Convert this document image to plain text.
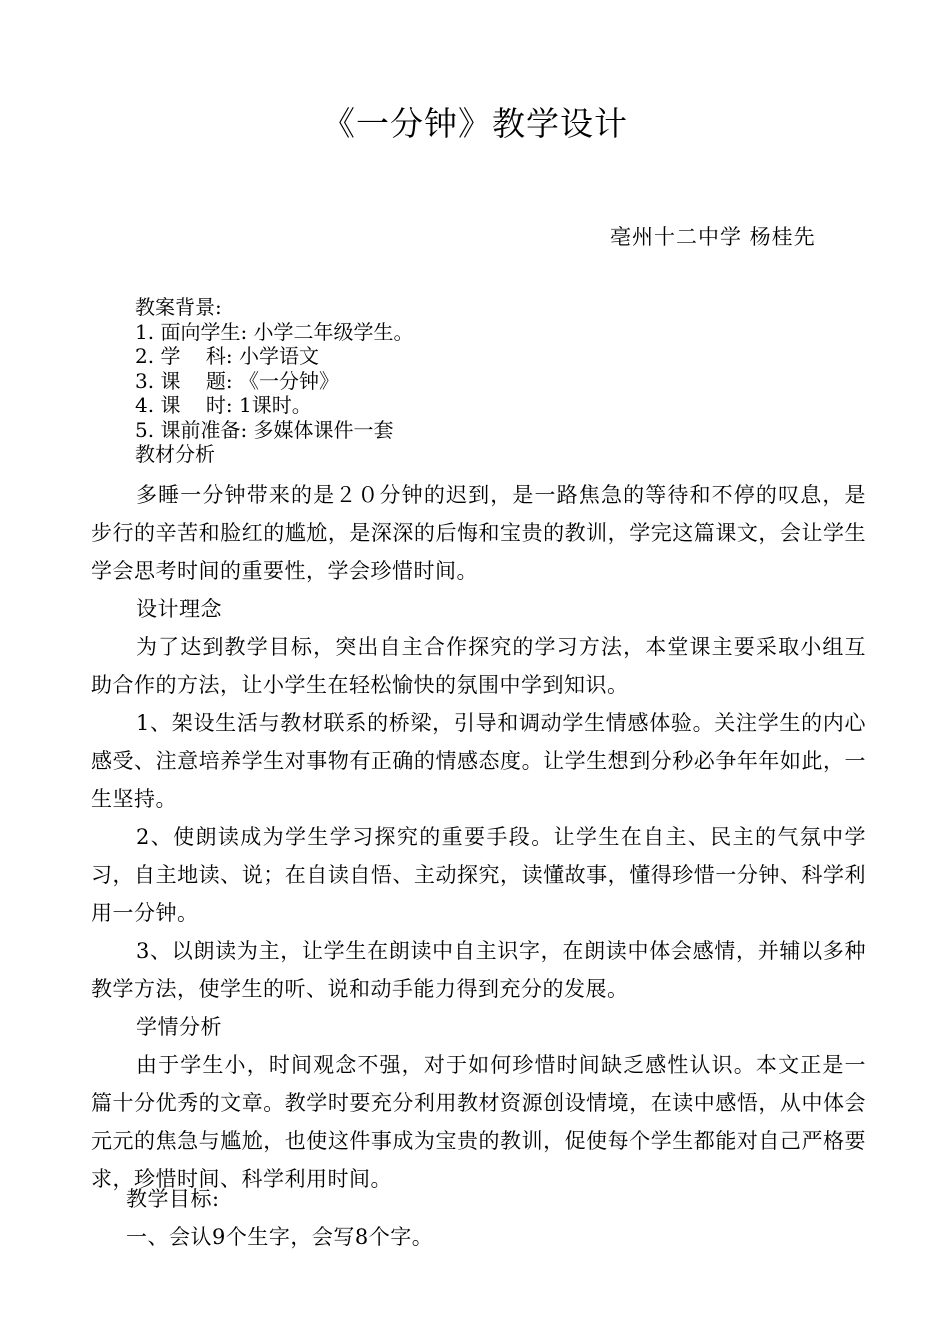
《一分钟》教学设计
亳州十二中学 杨桂先
教案背景:
1. 面向学生: 小学二年级学生。
2. 学    科: 小学语文
3. 课    题: 《一分钟》
4. 课    时: 1课时。
5. 课前准备: 多媒体课件一套
教材分析
多睡一分钟带来的是２０分钟的迟到，是一路焦急的等待和不停的叹息，是步行的辛苦和脸红的尴尬，是深深的后悔和宝贵的教训，学完这篇课文，会让学生学会思考时间的重要性，学会珍惜时间。
设计理念
为了达到教学目标，突出自主合作探究的学习方法，本堂课主要采取小组互助合作的方法，让小学生在轻松愉快的氛围中学到知识。
1、架设生活与教材联系的桥梁，引导和调动学生情感体验。关注学生的内心感受、注意培养学生对事物有正确的情感态度。让学生想到分秒必争年年如此，一生坚持。
2、使朗读成为学生学习探究的重要手段。让学生在自主、民主的气氛中学习，自主地读、说；在自读自悟、主动探究，读懂故事，懂得珍惜一分钟、科学利用一分钟。
3、以朗读为主，让学生在朗读中自主识字，在朗读中体会感情，并辅以多种教学方法，使学生的听、说和动手能力得到充分的发展。
学情分析
由于学生小，时间观念不强，对于如何珍惜时间缺乏感性认识。本文正是一篇十分优秀的文章。教学时要充分利用教材资源创设情境，在读中感悟，从中体会元元的焦急与尴尬，也使这件事成为宝贵的教训，促使每个学生都能对自己严格要求，珍惜时间、科学利用时间。
教学目标:
一、会认9个生字，会写8个字。
